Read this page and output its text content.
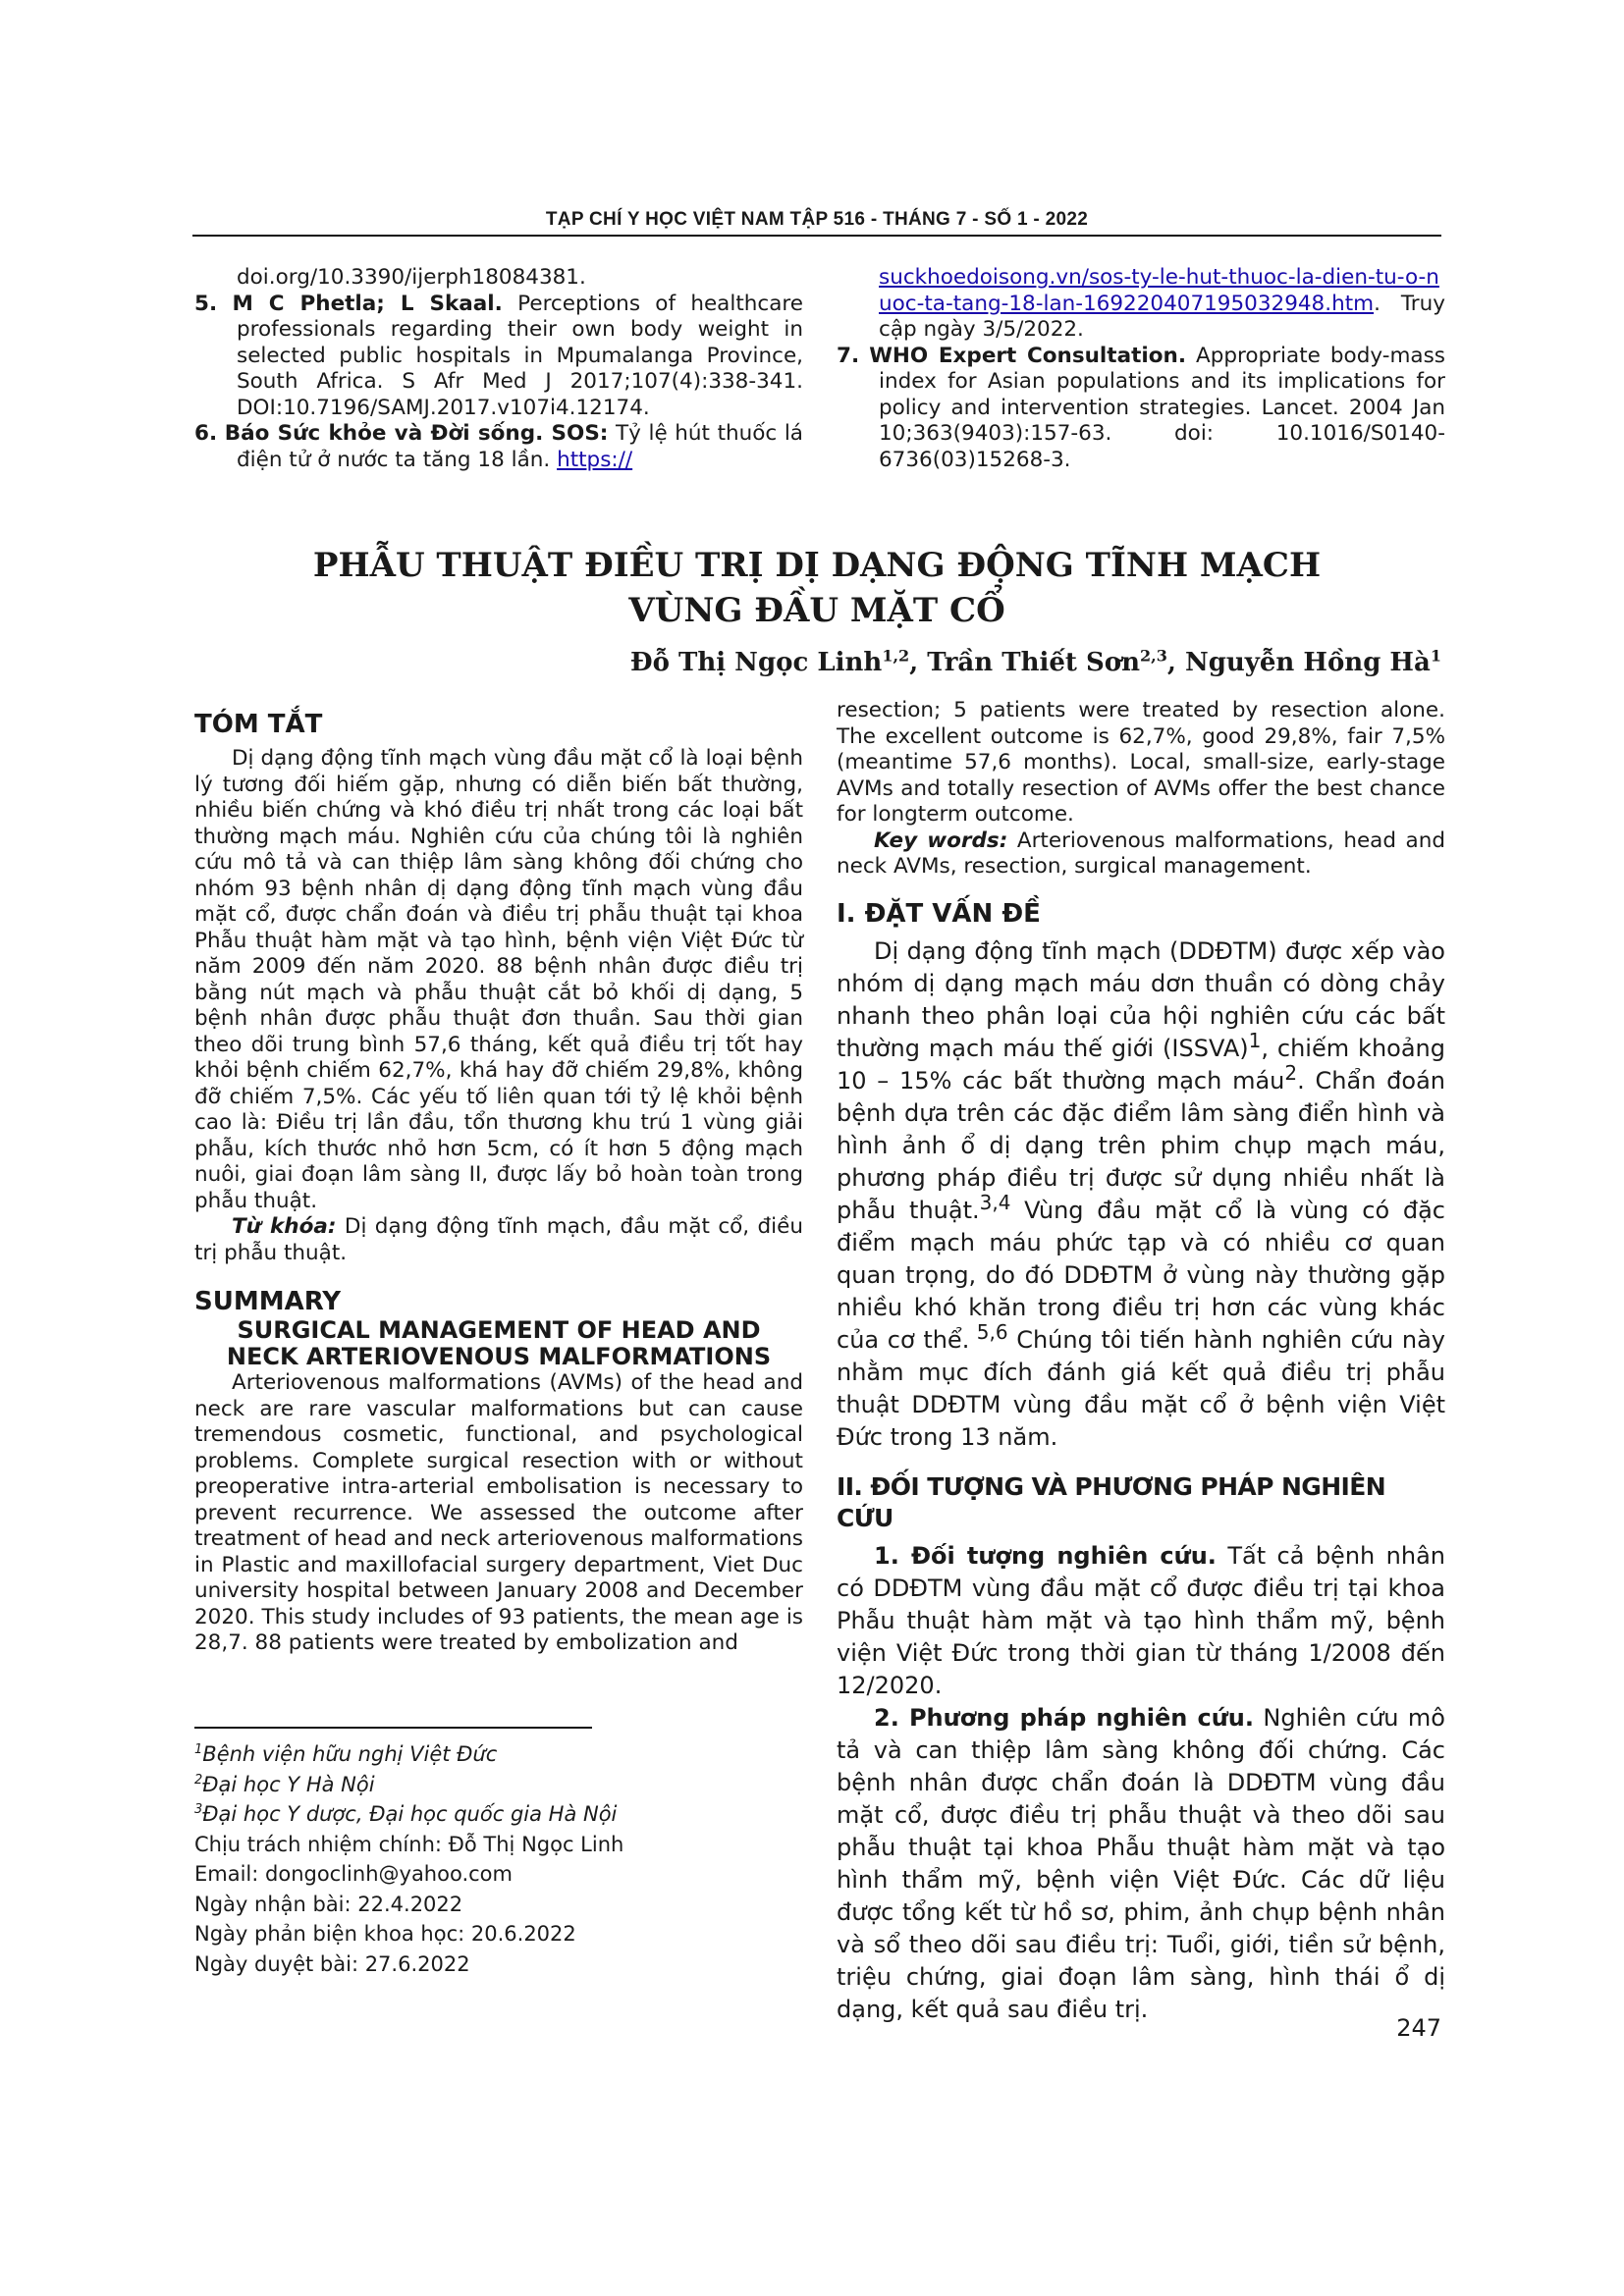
TẠP CHÍ Y HỌC VIỆT NAM TẬP 516 - THÁNG 7 - SỐ 1 - 2022

doi.org/10.3390/ijerph18084381.

5. M C Phetla; L Skaal. Perceptions of healthcare professionals regarding their own body weight in selected public hospitals in Mpumalanga Province, South Africa. S Afr Med J 2017;107(4):338-341. DOI:10.7196/SAMJ.2017.v107i4.12174.

6. Báo Sức khỏe và Đời sống. SOS: Tỷ lệ hút thuốc lá điện tử ở nước ta tăng 18 lần. https://

suckhoedoisong.vn/sos-ty-le-hut-thuoc-la-dien-tu-o-nuoc-ta-tang-18-lan-169220407195032948.htm. Truy cập ngày 3/5/2022.

7. WHO Expert Consultation. Appropriate body-mass index for Asian populations and its implications for policy and intervention strategies. Lancet. 2004 Jan 10;363(9403):157-63. doi: 10.1016/S0140-6736(03)15268-3.

PHẪU THUẬT ĐIỀU TRỊ DỊ DẠNG ĐỘNG TĨNH MẠCH
VÙNG ĐẦU MẶT CỔ
Đỗ Thị Ngọc Linh$^{1,2}$, Trần Thiết Sơn$^{2,3}$, Nguyễn Hồng $Hà^1$
TÓM TẮT

Dị dạng động tĩnh mạch vùng đầu mặt cổ là loại bệnh lý tương đối hiếm gặp, nhưng có diễn biến bất thường, nhiều biến chứng và khó điều trị nhất trong các loại bất thường mạch máu. Nghiên cứu của chúng tôi là nghiên cứu mô tả và can thiệp lâm sàng không đối chứng cho nhóm 93 bệnh nhân dị dạng động tĩnh mạch vùng đầu mặt cổ, được chẩn đoán và điều trị phẫu thuật tại khoa Phẫu thuật hàm mặt và tạo hình, bệnh viện Việt Đức từ năm 2009 đến năm 2020. 88 bệnh nhân được điều trị bằng nút mạch và phẫu thuật cắt bỏ khối dị dạng, 5 bệnh nhân được phẫu thuật đơn thuần. Sau thời gian theo dõi trung bình 57,6 tháng, kết quả điều trị tốt hay khỏi bệnh chiếm 62,7%, khá hay đỡ chiếm 29,8%, không đỡ chiếm 7,5%. Các yếu tố liên quan tới tỷ lệ khỏi bệnh cao là: Điều trị lần đầu, tổn thương khu trú 1 vùng giải phẫu, kích thước nhỏ hơn 5cm, có ít hơn 5 động mạch nuôi, giai đoạn lâm sàng II, được lấy bỏ hoàn toàn trong phẫu thuật.

Từ khóa: Dị dạng động tĩnh mạch, đầu mặt cổ, điều trị phẫu thuật.

SUMMARY
SURGICAL MANAGEMENT OF HEAD AND
NECK ARTERIOVENOUS MALFORMATIONS

Arteriovenous malformations (AVMs) of the head and neck are rare vascular malformations but can cause tremendous cosmetic, functional, and psychological problems. Complete surgical resection with or without preoperative intra-arterial embolisation is necessary to prevent recurrence. We assessed the outcome after treatment of head and neck arteriovenous malformations in Plastic and maxillofacial surgery department, Viet Duc university hospital between January 2008 and December 2020. This study includes of 93 patients, the mean age is 28,7. 88 patients were treated by embolization and

$^1$Bệnh viện hữu nghị Việt Đức
$^2$Đại học Y Hà Nội
$^3$Đại học Y dược, Đại học quốc gia Hà Nội
Chịu trách nhiệm chính: Đỗ Thị Ngọc Linh
Email: dongoclinh@yahoo.com
Ngày nhận bài: 22.4.2022
Ngày phản biện khoa học: 20.6.2022
Ngày duyệt bài: 27.6.2022

resection; 5 patients were treated by resection alone. The excellent outcome is 62,7%, good 29,8%, fair 7,5% (meantime 57,6 months). Local, small-size, early-stage AVMs and totally resection of AVMs offer the best chance for longterm outcome.

Key words: Arteriovenous malformations, head and neck AVMs, resection, surgical management.

I. ĐẶT VẤN ĐỀ

Dị dạng động tĩnh mạch (DDĐTM) được xếp vào nhóm dị dạng mạch máu dơn thuần có dòng chảy nhanh theo phân loại của hội nghiên cứu các bất thường mạch máu thế giới (ISSVA)$^1$, chiếm khoảng 10 – 15% các bất thường mạch máu$^2$. Chẩn đoán bệnh dựa trên các đặc điểm lâm sàng điển hình và hình ảnh ổ dị dạng trên phim chụp mạch máu, phương pháp điều trị được sử dụng nhiều nhất là phẫu thuật.$^{3,4}$ Vùng đầu mặt cổ là vùng có đặc điểm mạch máu phức tạp và có nhiều cơ quan quan trọng, do đó DDĐTM ở vùng này thường gặp nhiều khó khăn trong điều trị hơn các vùng khác của cơ thể. $^{5,6}$ Chúng tôi tiến hành nghiên cứu này nhằm mục đích đánh giá kết quả điều trị phẫu thuật DDĐTM vùng đầu mặt cổ ở bệnh viện Việt Đức trong 13 năm.

II. ĐỐI TƯỢNG VÀ PHƯƠNG PHÁP NGHIÊN CỨU

1. Đối tượng nghiên cứu. Tất cả bệnh nhân có DDĐTM vùng đầu mặt cổ được điều trị tại khoa Phẫu thuật hàm mặt và tạo hình thẩm mỹ, bệnh viện Việt Đức trong thời gian từ tháng 1/2008 đến 12/2020.

2. Phương pháp nghiên cứu. Nghiên cứu mô tả và can thiệp lâm sàng không đối chứng. Các bệnh nhân được chẩn đoán là DDĐTM vùng đầu mặt cổ, được điều trị phẫu thuật và theo dõi sau phẫu thuật tại khoa Phẫu thuật hàm mặt và tạo hình thẩm mỹ, bệnh viện Việt Đức. Các dữ liệu được tổng kết từ hồ sơ, phim, ảnh chụp bệnh nhân và sổ theo dõi sau điều trị: Tuổi, giới, tiền sử bệnh, triệu chứng, giai đoạn lâm sàng, hình thái ổ dị dạng, kết quả sau điều trị.

247
